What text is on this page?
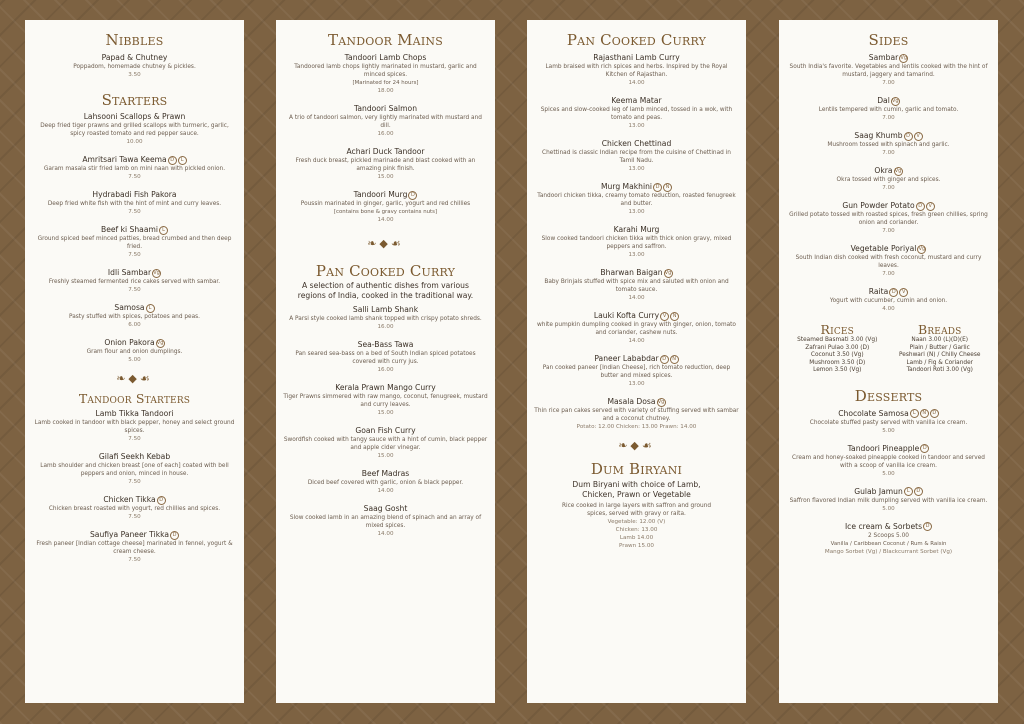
Nibbles
Papad & Chutney
Poppadom, homemade chutney & pickles.
3.50
Starters
Lahsooni Scallops & Prawn
Deep fried tiger prawns and grilled scallops with turmeric, garlic, spicy roasted tomato and red pepper sauce.
10.00
Amritsari Tawa Keema D L
Garam masala stir fried lamb on mini naan with pickled onion.
7.50
Hydrabadi Fish Pakora
Deep fried white fish with the hint of mint and curry leaves.
7.50
Beef ki Shaami L
Ground spiced beef minced patties, bread crumbed and then deep fried.
7.50
Idli Sambar Vg
Freshly steamed fermented rice cakes served with sambar.
7.50
Samosa L
Pasty stuffed with spices, potatoes and peas.
6.00
Onion Pakora Vg
Gram flour and onion dumplings.
5.00
❧◆☙
Tandoor Starters
Lamb Tikka Tandoori
Lamb cooked in tandoor with black pepper, honey and select ground spices.
7.50
Gilafi Seekh Kebab
Lamb shoulder and chicken breast [one of each] coated with bell peppers and onion, minced in house.
7.50
Chicken Tikka D
Chicken breast roasted with yogurt, red chillies and spices.
7.50
Saufiya Paneer Tikka D
Fresh paneer [Indian cottage cheese] marinated in fennel, yogurt & cream cheese.
7.50
Tandoor Mains
Tandoori Lamb Chops
Tandoored lamb chops lightly marinated in mustard, garlic and minced spices.
[Marinated for 24 hours]
18.00
Tandoori Salmon
A trio of tandoori salmon, very lightly marinated with mustard and dill.
16.00
Achari Duck Tandoor
Fresh duck breast, pickled marinade and blast cooked with an amazing pink finish.
15.00
Tandoori Murg D
Poussin marinated in ginger, garlic, yogurt and red chillies
[contains bone & gravy contains nuts]
14.00
❧◆☙
Pan Cooked Curry
A selection of authentic dishes from various regions of India, cooked in the traditional way.
Salli Lamb Shank
A Parsi style cooked lamb shank topped with crispy potato shreds.
16.00
Sea-Bass Tawa
Pan seared sea-bass on a bed of South Indian spiced potatoes covered with curry jus.
16.00
Kerala Prawn Mango Curry
Tiger Prawns simmered with raw mango, coconut, fenugreek, mustard and curry leaves.
15.00
Goan Fish Curry
Swordfish cooked with tangy sauce with a hint of cumin, black pepper and apple cider vinegar.
15.00
Beef Madras
Diced beef covered with garlic, onion & black pepper.
14.00
Saag Gosht
Slow cooked lamb in an amazing blend of spinach and an array of mixed spices.
14.00
Pan Cooked Curry
Rajasthani Lamb Curry
Lamb braised with rich spices and herbs. Inspired by the Royal Kitchen of Rajasthan.
14.00
Keema Matar
Spices and slow-cooked leg of lamb minced, tossed in a wok, with tomato and peas.
13.00
Chicken Chettinad
Chettinad is classic Indian recipe from the cuisine of Chettinad in Tamil Nadu.
13.00
Murg Makhini D N
Tandoori chicken tikka, creamy tomato reduction, roasted fenugreek and butter.
13.00
Karahi Murg
Slow cooked tandoori chicken tikka with thick onion gravy, mixed peppers and saffron.
13.00
Bharwan Baigan Vg
Baby Brinjals stuffed with spice mix and saluted with onion and tomato sauce.
14.00
Lauki Kofta Curry V N
white pumpkin dumpling cooked in gravy with ginger, onion, tomato and coriander, cashew nuts.
14.00
Paneer Lababdar D N
Pan cooked paneer [Indian Cheese], rich tomato reduction, deep butter and mixed spices.
13.00
Masala Dosa Vg
Thin rice pan cakes served with variety of stuffing served with sambar and a coconut chutney.
Potato: 12.00 Chicken: 13.00 Prawn: 14.00
❧◆☙
Dum Biryani
Dum Biryani with choice of Lamb, Chicken, Prawn or Vegetable
Rice cooked in large layers with saffron and ground spices, served with gravy or raita.
Vegetable: 12.00 (V)
Chicken: 13.00
Lamb 14.00
Prawn 15.00
Sides
Sambar Vg
South India's favorite. Vegetables and lentils cooked with the hint of mustard, jaggery and tamarind.
7.00
Dal Vg
Lentils tempered with cumin, garlic and tomato.
7.00
Saag Khumb D V
Mushroom tossed with spinach and garlic.
7.00
Okra Vg
Okra tossed with ginger and spices.
7.00
Gun Powder Potato D V
Grilled potato tossed with roasted spices, fresh green chillies, spring onion and coriander.
7.00
Vegetable Poriyal Vg
South Indian dish cooked with fresh coconut, mustard and curry leaves.
7.00
Raita D V
Yogurt with cucumber, cumin and onion.
4.00
Rices
Steamed Basmati 3.00 (Vg)
Zafrani Pulao 3.00 (D)
Coconut 3.50 (Vg)
Mushroom 3.50 (D)
Lemon 3.50 (Vg)
Breads
Naan 3.00 (L)(D)(E)
Plain / Butter / Garlic
Peshwari (N) / Chilly Cheese
Lamb / Fig & Coriander
Tandoori Roti 3.00 (Vg)
Desserts
Chocolate Samosa L N D
Chocolate stuffed pasty served with vanilla ice cream.
5.00
Tandoori Pineapple D
Cream and honey-soaked pineapple cooked in tandoor and served with a scoop of vanilla ice cream.
5.00
Gulab Jamun L D
Saffron flavored Indian milk dumpling served with vanilla ice cream.
5.00
Ice cream & Sorbets D
2 Scoops 5.00
Vanilla / Caribbean Coconut / Rum & Raisin
Mango Sorbet (Vg) / Blackcurrant Sorbet (Vg)
